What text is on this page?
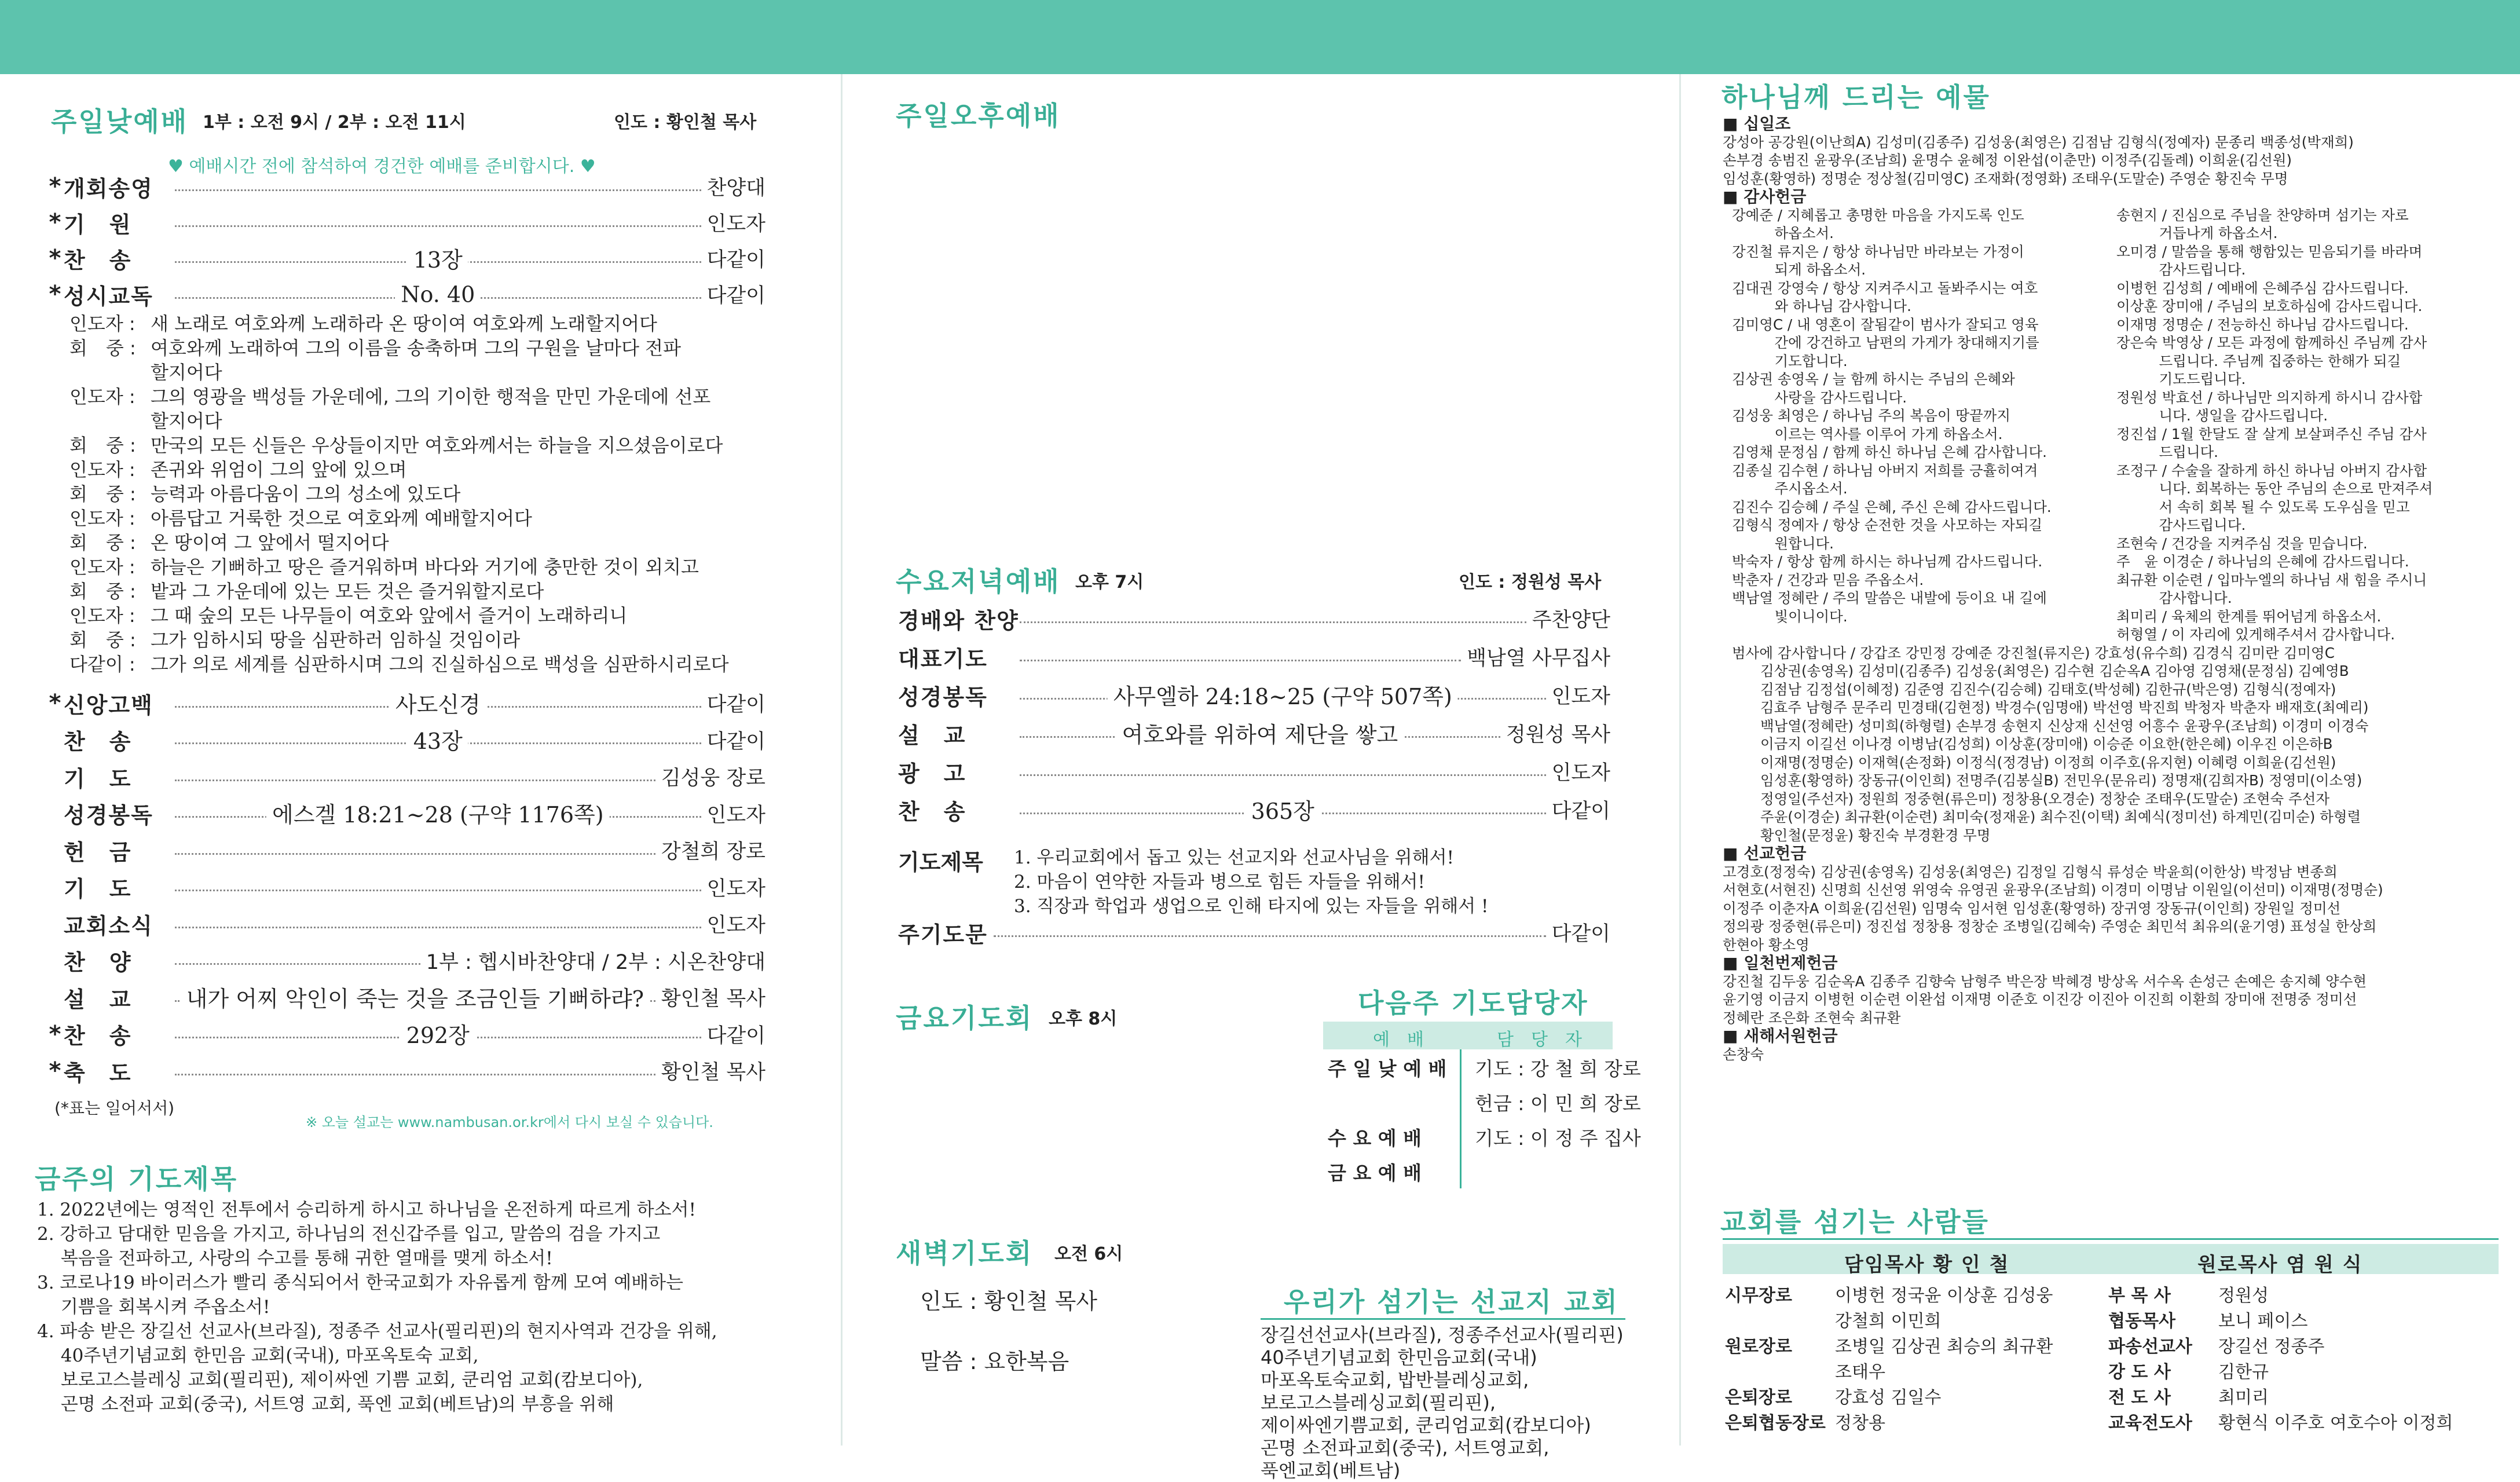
주일낮예배 1부 : 오전 9시 / 2부 : 오전 11시	인도 : 황인철 목사
♥ 예배시간 전에 참석하여 경건한 예배를 준비합시다. ♥
* 개회송영	찬양대
* 기　원	인도자
* 찬　송	13장	다같이
* 성시교독	No. 40	다같이
인도자 : 새 노래로 여호와께 노래하라 온 땅이여 여호와께 노래할지어다
회　중 : 여호와께 노래하여 그의 이름을 송축하며 그의 구원을 날마다 전파
할지어다
인도자 : 그의 영광을 백성들 가운데에, 그의 기이한 행적을 만민 가운데에 선포
할지어다
회　중 : 만국의 모든 신들은 우상들이지만 여호와께서는 하늘을 지으셨음이로다
인도자 : 존귀와 위엄이 그의 앞에 있으며
회　중 : 능력과 아름다움이 그의 성소에 있도다
인도자 : 아름답고 거룩한 것으로 여호와께 예배할지어다
회　중 : 온 땅이여 그 앞에서 떨지어다
인도자 : 하늘은 기뻐하고 땅은 즐거워하며 바다와 거기에 충만한 것이 외치고
회　중 : 밭과 그 가운데에 있는 모든 것은 즐거워할지로다
인도자 : 그 때 숲의 모든 나무들이 여호와 앞에서 즐거이 노래하리니
회　중 : 그가 임하시되 땅을 심판하러 임하실 것임이라
다같이 : 그가 의로 세계를 심판하시며 그의 진실하심으로 백성을 심판하시리로다
* 신앙고백	사도신경	다같이
찬　송	43장	다같이
기　도	김성웅 장로
성경봉독	에스겔 18:21~28 (구약 1176쪽)	인도자
헌　금	강철희 장로
기　도	인도자
교회소식	인도자
찬　양	1부 : 헵시바찬양대 / 2부 : 시온찬양대
설　교 내가 어찌 악인이 죽는 것을 조금인들 기뻐하랴? 황인철 목사
* 찬　송	292장	다같이
* 축　도	황인철 목사
(*표는 일어서서)
※ 오늘 설교는 www.nambusan.or.kr에서 다시 보실 수 있습니다.
금주의 기도제목
1. 2022년에는 영적인 전투에서 승리하게 하시고 하나님을 온전하게 따르게 하소서!
2. 강하고 담대한 믿음을 가지고, 하나님의 전신갑주를 입고, 말씀의 검을 가지고
　 복음을 전파하고, 사랑의 수고를 통해 귀한 열매를 맺게 하소서!
3. 코로나19 바이러스가 빨리 종식되어서 한국교회가 자유롭게 함께 모여 예배하는
　 기쁨을 회복시켜 주옵소서!
4. 파송 받은 장길선 선교사(브라질), 정종주 선교사(필리핀)의 현지사역과 건강을 위해,
　 40주년기념교회 한민음 교회(국내), 마포옥토숙 교회,
　 보로고스블레싱 교회(필리핀), 제이싸엔 기쁨 교회, 쿤리엄 교회(캄보디아),
　 곤명 소전파 교회(중국), 서트영 교회, 푹엔 교회(베트남)의 부흥을 위해
주일오후예배
수요저녁예배 오후 7시	인도 : 정원성 목사
경배와 찬양	주찬양단
대표기도	백남열 사무집사
성경봉독	사무엘하 24:18~25 (구약 507쪽)	인도자
설　교	여호와를 위하여 제단을 쌓고	정원성 목사
광　고	인도자
찬　송	365장	다같이
기도제목 1. 우리교회에서 돕고 있는 선교지와 선교사님을 위해서!
2. 마음이 연약한 자들과 병으로 힘든 자들을 위해서!
3. 직장과 학업과 생업으로 인해 타지에 있는 자들을 위해서 !
주기도문	다같이
금요기도회 오후 8시
새벽기도회 오전 6시
인도 : 황인철 목사
말씀 : 요한복음
다음주 기도담당자
예　배	담　당　자
주 일 낮 예 배 기도 : 강 철 희 장로
헌금 : 이 민 희 장로
수 요 예 배	기도 : 이 정 주 집사
금 요 예 배
우리가 섬기는 선교지 교회
장길선선교사(브라질), 정종주선교사(필리핀)
40주년기념교회 한민음교회(국내)
마포옥토숙교회, 밥반블레싱교회,
보로고스블레싱교회(필리핀),
제이싸엔기쁨교회, 쿤리엄교회(캄보디아)
곤명 소전파교회(중국), 서트영교회,
푹엔교회(베트남)
하나님께 드리는 예물
■ 십일조
강성아 공강원(이난희A) 김성미(김종주) 김성웅(최영은) 김점남 김형식(정예자) 문종리 백종성(박재희)
손부경 송범진 윤광우(조남희) 윤명수 윤혜정 이완섭(이춘만) 이정주(김돌례) 이희윤(김선원)
임성훈(황영하) 정명순 정상철(김미영C) 조재화(정영화) 조태우(도말순) 주영순 황진숙 무명
■ 감사헌금
강예준 / 지혜롭고 총명한 마음을 가지도록 인도
　　　하옵소서.
강진철 류지은 / 항상 하나님만 바라보는 가정이
　　　되게 하옵소서.
김대권 강영숙 / 항상 지켜주시고 돌봐주시는 여호
　　　와 하나님 감사합니다.
김미영C / 내 영혼이 잘됨같이 범사가 잘되고 영육
　　　간에 강건하고 남편의 가게가 창대해지기를
　　　기도합니다.
김상권 송영옥 / 늘 함께 하시는 주님의 은혜와
　　　사랑을 감사드립니다.
김성웅 최영은 / 하나님 주의 복음이 땅끝까지
　　　이르는 역사를 이루어 가게 하옵소서.
김영채 문정심 / 함께 하신 하나님 은혜 감사합니다.
김종실 김수현 / 하나님 아버지 저희를 긍휼히여겨
　　　주시옵소서.
김진수 김승혜 / 주실 은혜, 주신 은혜 감사드립니다.
김형식 정예자 / 항상 순전한 것을 사모하는 자되길
　　　원합니다.
박숙자 / 항상 함께 하시는 하나님께 감사드립니다.
박춘자 / 건강과 믿음 주옵소서.
백남열 정혜란 / 주의 말씀은 내발에 등이요 내 길에
　　　빛이니이다.
송현지 / 진심으로 주님을 찬양하며 섬기는 자로
　　　거듭나게 하옵소서.
오미경 / 말씀을 통해 행함있는 믿음되기를 바라며
　　　감사드립니다.
이병헌 김성희 / 예배에 은혜주심 감사드립니다.
이상훈 장미애 / 주님의 보호하심에 감사드립니다.
이재명 정명순 / 전능하신 하나님 감사드립니다.
장은숙 박영상 / 모든 과정에 함께하신 주님께 감사
　　　드립니다. 주님께 집중하는 한해가 되길
　　　기도드립니다.
정원성 박효선 / 하나님만 의지하게 하시니 감사합
　　　니다. 생일을 감사드립니다.
정진섭 / 1월 한달도 잘 살게 보살펴주신 주님 감사
　　　드립니다.
조정구 / 수술을 잘하게 하신 하나님 아버지 감사합
　　　니다. 회복하는 동안 주님의 손으로 만져주셔
　　　서 속히 회복 될 수 있도록 도우심을 믿고
　　　감사드립니다.
조현숙 / 건강을 지켜주심 것을 믿습니다.
주　윤 이경순 / 하나님의 은혜에 감사드립니다.
최규환 이순련 / 입마누엘의 하나님 새 힘을 주시니
　　　감사합니다.
최미리 / 육체의 한계를 뛰어넘게 하옵소서.
허형열 / 이 자리에 있게해주셔서 감사합니다.
범사에 감사합니다 / 강갑조 강민정 강예준 강진철(류지은) 강효성(유수희) 김경식 김미란 김미영C
　　김상권(송영옥) 김성미(김종주) 김성웅(최영은) 김수현 김순옥A 김아영 김영채(문정심) 김예영B
　　김점남 김정섭(이혜정) 김준영 김진수(김승혜) 김태호(박성혜) 김한규(박은영) 김형식(정예자)
　　김효주 남형주 문주리 민경태(김현정) 박경수(임명애) 박선영 박진희 박청자 박춘자 배재호(최예리)
　　백남열(정혜란) 성미희(하형렬) 손부경 송현지 신상재 신선영 어흥수 윤광우(조남희) 이경미 이경숙
　　이금지 이길선 이나경 이병남(김성희) 이상훈(장미애) 이승준 이요한(한은혜) 이우진 이은하B
　　이재명(정명순) 이재혁(손정화) 이정식(정경남) 이정희 이주호(유지현) 이혜령 이희윤(김선원)
　　임성훈(황영하) 장동규(이인희) 전명주(김봉실B) 전민우(문유리) 정명재(김희자B) 정영미(이소영)
　　정영일(주선자) 정원희 정중현(류은미) 정창용(오경순) 정창순 조태우(도말순) 조현숙 주선자
　　주윤(이경순) 최규환(이순련) 최미숙(정재윤) 최수진(이택) 최예식(정미선) 하계민(김미순) 하형렬
　　황인철(문정윤) 황진숙 부경환경 무명
■ 선교헌금
고경호(정정숙) 김상권(송영옥) 김성웅(최영은) 김정일 김형식 류성순 박윤희(이한상) 박정남 변종희
서현호(서현진) 신명희 신선영 위영숙 유영권 윤광우(조남희) 이경미 이명남 이원일(이선미) 이재명(정명순)
이정주 이춘자A 이희윤(김선원) 임명숙 임서현 임성훈(황영하) 장귀영 장동규(이인희) 장원일 정미선
정의광 정중현(류은미) 정진섭 정창용 정창순 조병일(김혜숙) 주영순 최민석 최유의(윤기영) 표성실 한상희
한현아 황소영
■ 일천번제헌금
강진철 김두웅 김순옥A 김종주 김향숙 남형주 박은장 박혜경 방상옥 서수옥 손성근 손예은 송지혜 양수현
윤기영 이금지 이병헌 이순련 이완섭 이재명 이준호 이진강 이진아 이진희 이환희 장미애 전명중 정미선
정혜란 조은화 조현숙 최규환
■ 새해서원헌금
손창숙
교회를 섬기는 사람들
담임목사 황 인 철	원로목사 염 원 식
시무장로 이병헌 정국윤 이상훈 김성웅
강철희 이민희
원로장로 조병일 김상권 최승의 최규환
조태우
은퇴장로 강효성 김일수
은퇴협동장로 정창용
부 목 사	정원성
협동목사 보니 페이스
파송선교사 장길선 정종주
강 도 사	김한규
전 도 사	최미리
교육전도사 황현식 이주호 여호수아 이정희
